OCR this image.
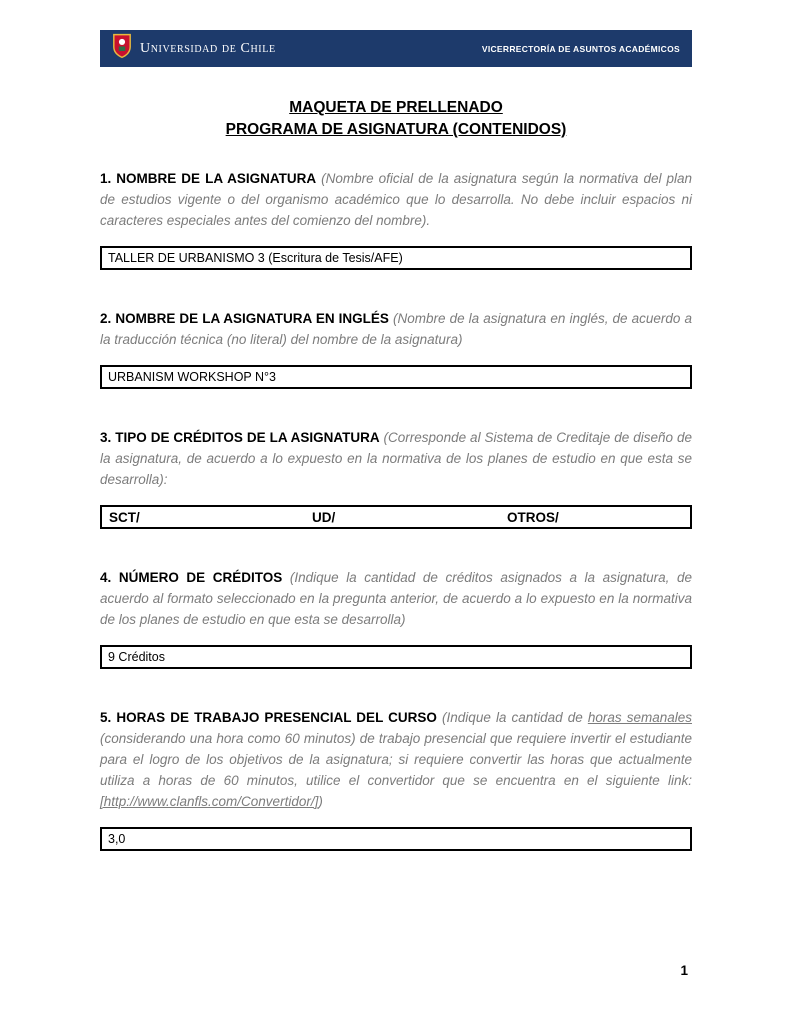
Universidad de Chile	VICERRECTORÍA DE ASUNTOS ACADÉMICOS
MAQUETA DE PRELLENADO
PROGRAMA DE ASIGNATURA (CONTENIDOS)

1. NOMBRE DE LA ASIGNATURA (Nombre oficial de la asignatura según la normativa del plan de estudios vigente o del organismo académico que lo desarrolla. No debe incluir espacios ni caracteres especiales antes del comienzo del nombre).

TALLER DE URBANISMO 3 (Escritura de Tesis/AFE)

2. NOMBRE DE LA ASIGNATURA EN INGLÉS (Nombre de la asignatura en inglés, de acuerdo a la traducción técnica (no literal) del nombre de la asignatura)

URBANISM WORKSHOP N°3

3. TIPO DE CRÉDITOS DE LA ASIGNATURA (Corresponde al Sistema de Creditaje de diseño de la asignatura, de acuerdo a lo expuesto en la normativa de los planes de estudio en que esta se desarrolla):

SCT/	UD/	OTROS/

4. NÚMERO DE CRÉDITOS (Indique la cantidad de créditos asignados a la asignatura, de acuerdo al formato seleccionado en la pregunta anterior, de acuerdo a lo expuesto en la normativa de los planes de estudio en que esta se desarrolla)

9 Créditos

5. HORAS DE TRABAJO PRESENCIAL DEL CURSO (Indique la cantidad de horas semanales (considerando una hora como 60 minutos) de trabajo presencial que requiere invertir el estudiante para el logro de los objetivos de la asignatura; si requiere convertir las horas que actualmente utiliza a horas de 60 minutos, utilice el convertidor que se encuentra en el siguiente link: [http://www.clanfls.com/Convertidor/])

3,0
1
